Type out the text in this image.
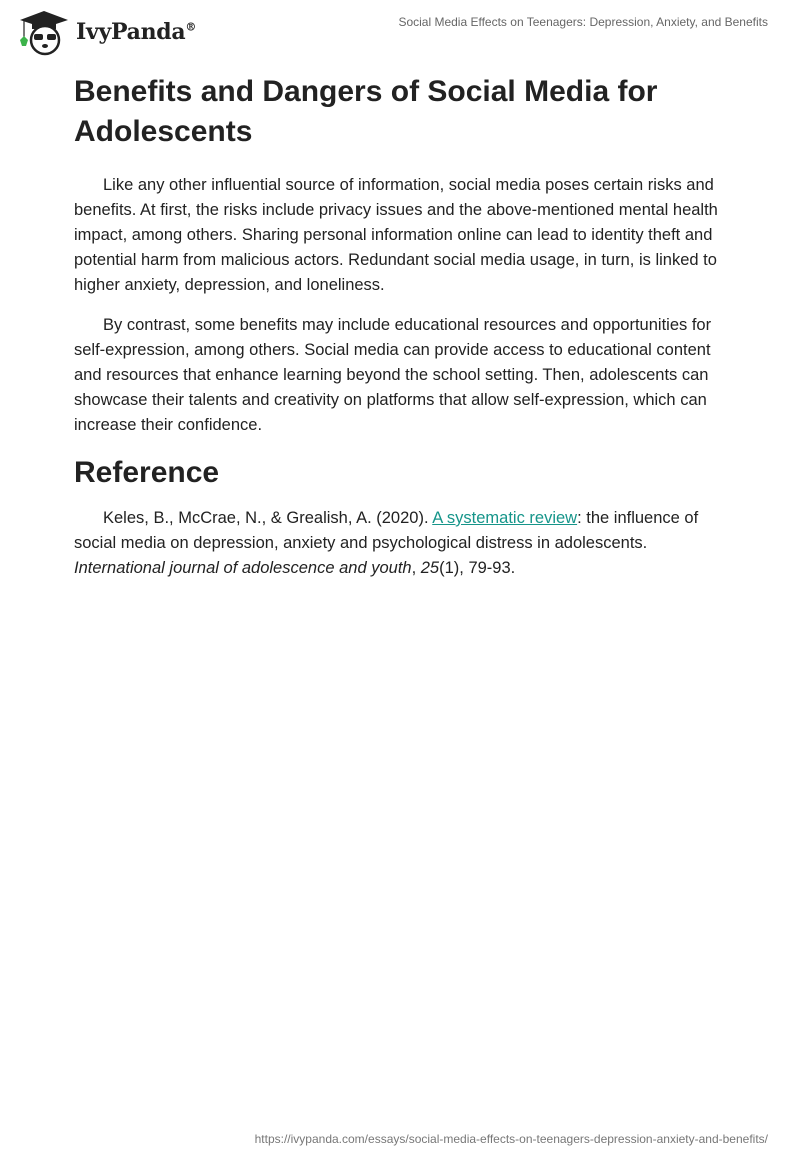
IvyPanda®	Social Media Effects on Teenagers: Depression, Anxiety, and Benefits
Benefits and Dangers of Social Media for Adolescents

Like any other influential source of information, social media poses certain risks and benefits. At first, the risks include privacy issues and the above-mentioned mental health impact, among others. Sharing personal information online can lead to identity theft and potential harm from malicious actors. Redundant social media usage, in turn, is linked to higher anxiety, depression, and loneliness.

By contrast, some benefits may include educational resources and opportunities for self-expression, among others. Social media can provide access to educational content and resources that enhance learning beyond the school setting. Then, adolescents can showcase their talents and creativity on platforms that allow self-expression, which can increase their confidence.

Reference

Keles, B., McCrae, N., & Grealish, A. (2020). A systematic review: the influence of social media on depression, anxiety and psychological distress in adolescents. International journal of adolescence and youth, 25(1), 79-93.

https://ivypanda.com/essays/social-media-effects-on-teenagers-depression-anxiety-and-benefits/
